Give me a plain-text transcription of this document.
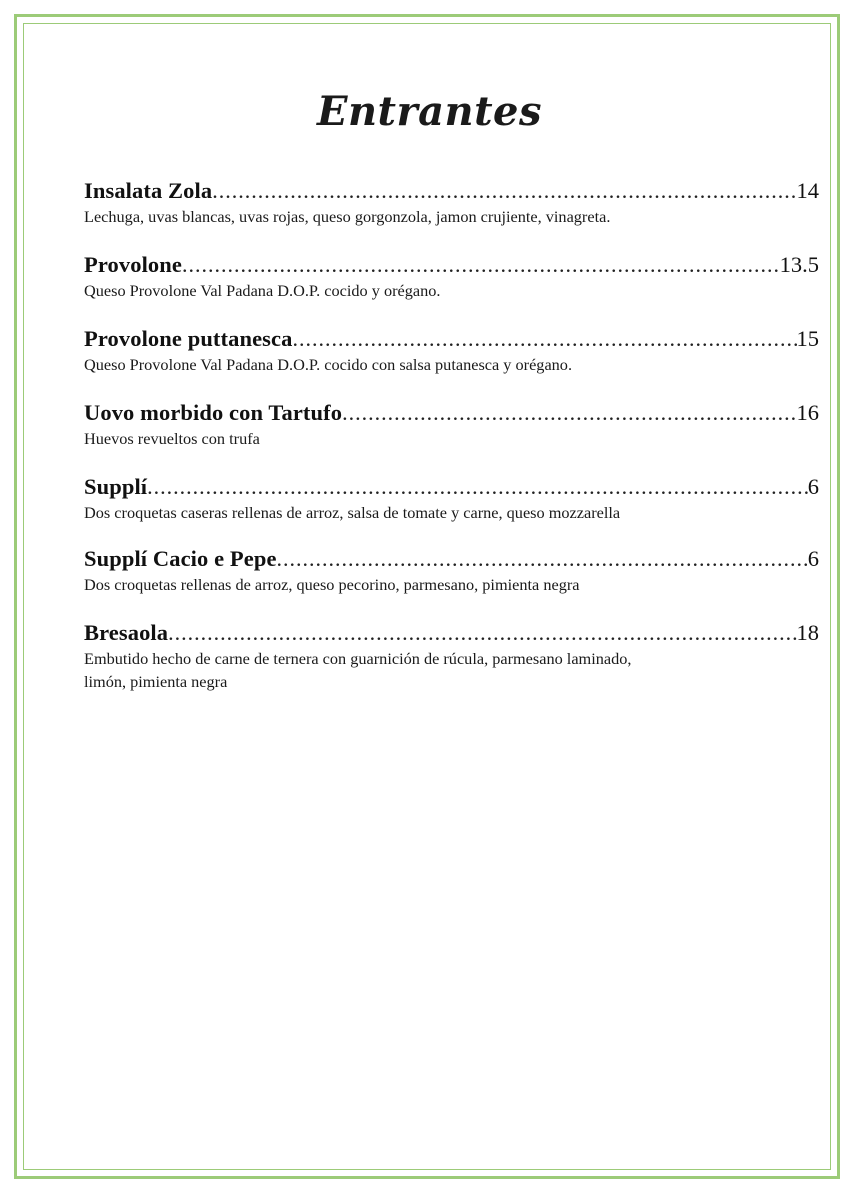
Entrantes
Insalata Zola .....	14
Lechuga, uvas blancas, uvas rojas, queso gorgonzola, jamon crujiente, vinagreta.
Provolone .....	13.5
Queso Provolone Val Padana D.O.P. cocido y orégano.
Provolone puttanesca .....	15
Queso Provolone Val Padana D.O.P. cocido con salsa putanesca y orégano.
Uovo morbido con Tartufo .....	16
Huevos revueltos con trufa
Supplí .....	6
Dos croquetas caseras rellenas de arroz, salsa de tomate y carne, queso mozzarella
Supplí Cacio e Pepe .....	6
Dos croquetas rellenas de arroz, queso pecorino, parmesano, pimienta negra
Bresaola .....	18
Embutido hecho de carne de ternera con guarnición de rúcula, parmesano laminado,
limón, pimienta negra
